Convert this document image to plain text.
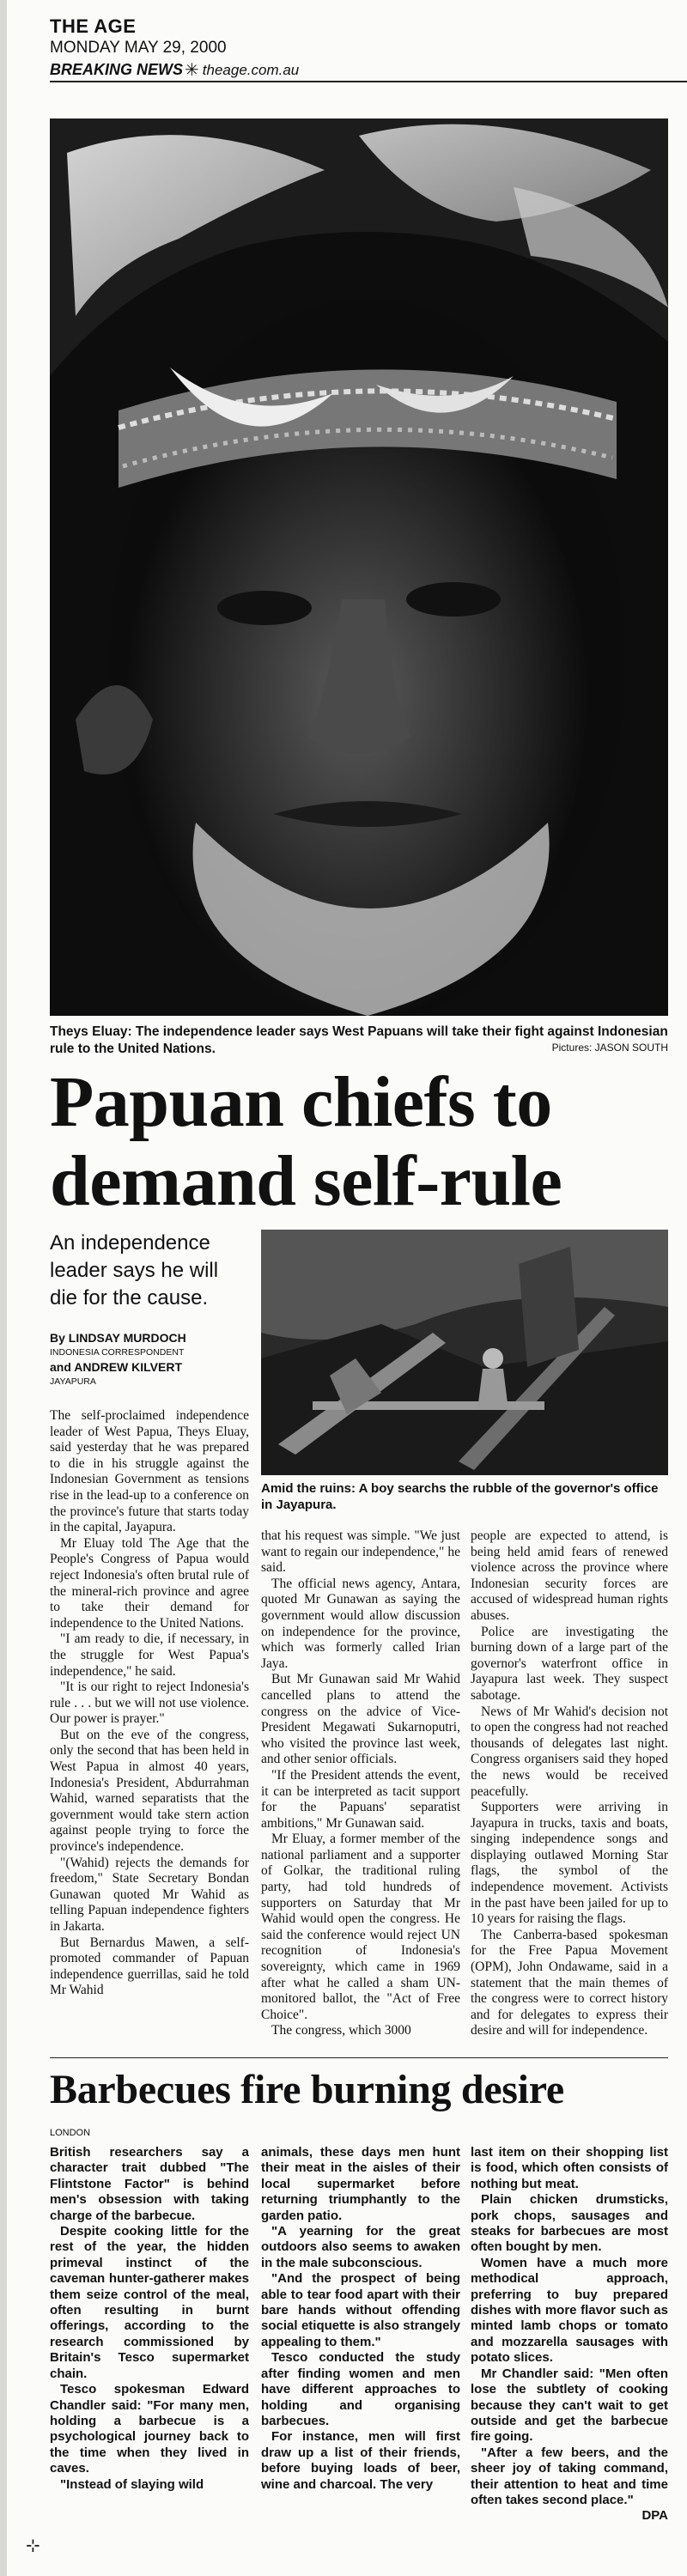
THE AGE
MONDAY MAY 29, 2000
BREAKING NEWS ✳ theage.com.au
Theys Eluay: The independence leader says West Papuans will take their fight against Indonesian rule to the United Nations.	Pictures: JASON SOUTH
Papuan chiefs to
demand self-rule
An independence leader says he will die for the cause.
By LINDSAY MURDOCH
INDONESIA CORRESPONDENT
and ANDREW KILVERT
JAYAPURA
Amid the ruins: A boy searchs the rubble of the governor's office in Jayapura.

The self-proclaimed independence leader of West Papua, Theys Eluay, said yesterday that he was prepared to die in his struggle against the Indonesian Government as tensions rise in the lead-up to a conference on the province's future that starts today in the capital, Jayapura.

Mr Eluay told The Age that the People's Congress of Papua would reject Indonesia's often brutal rule of the mineral-rich province and agree to take their demand for independence to the United Nations.

"I am ready to die, if necessary, in the struggle for West Papua's independence," he said.

"It is our right to reject Indonesia's rule . . . but we will not use violence. Our power is prayer."

But on the eve of the congress, only the second that has been held in West Papua in almost 40 years, Indonesia's President, Abdurrahman Wahid, warned separatists that the government would take stern action against people trying to force the province's independence.

"(Wahid) rejects the demands for freedom," State Secretary Bondan Gunawan quoted Mr Wahid as telling Papuan independence fighters in Jakarta.

But Bernardus Mawen, a self-promoted commander of Papuan independence guerrillas, said he told Mr Wahid

that his request was simple. "We just want to regain our independence," he said.

The official news agency, Antara, quoted Mr Gunawan as saying the government would allow discussion on independence for the province, which was formerly called Irian Jaya.

But Mr Gunawan said Mr Wahid cancelled plans to attend the congress on the advice of Vice-President Megawati Sukarnoputri, who visited the province last week, and other senior officials.

"If the President attends the event, it can be interpreted as tacit support for the Papuans' separatist ambitions," Mr Gunawan said.

Mr Eluay, a former member of the national parliament and a supporter of Golkar, the traditional ruling party, had told hundreds of supporters on Saturday that Mr Wahid would open the congress. He said the conference would reject UN recognition of Indonesia's sovereignty, which came in 1969 after what he called a sham UN-monitored ballot, the "Act of Free Choice".

The congress, which 3000

people are expected to attend, is being held amid fears of renewed violence across the province where Indonesian security forces are accused of widespread human rights abuses.

Police are investigating the burning down of a large part of the governor's waterfront office in Jayapura last week. They suspect sabotage.

News of Mr Wahid's decision not to open the congress had not reached thousands of delegates last night. Congress organisers said they hoped the news would be received peacefully.

Supporters were arriving in Jayapura in trucks, taxis and boats, singing independence songs and displaying outlawed Morning Star flags, the symbol of the independence movement. Activists in the past have been jailed for up to 10 years for raising the flags.

The Canberra-based spokesman for the Free Papua Movement (OPM), John Ondawame, said in a statement that the main themes of the congress were to correct history and for delegates to express their desire and will for independence.

Barbecues fire burning desire
LONDON

British researchers say a character trait dubbed "The Flintstone Factor" is behind men's obsession with taking charge of the barbecue.

Despite cooking little for the rest of the year, the hidden primeval instinct of the caveman hunter-gatherer makes them seize control of the meal, often resulting in burnt offerings, according to the research commissioned by Britain's Tesco supermarket chain.

Tesco spokesman Edward Chandler said: "For many men, holding a barbecue is a psychological journey back to the time when they lived in caves.

"Instead of slaying wild

animals, these days men hunt their meat in the aisles of their local supermarket before returning triumphantly to the garden patio.

"A yearning for the great outdoors also seems to awaken in the male subconscious.

"And the prospect of being able to tear food apart with their bare hands without offending social etiquette is also strangely appealing to them."

Tesco conducted the study after finding women and men have different approaches to holding and organising barbecues.

For instance, men will first draw up a list of their friends, before buying loads of beer, wine and charcoal. The very

last item on their shopping list is food, which often consists of nothing but meat.

Plain chicken drumsticks, pork chops, sausages and steaks for barbecues are most often bought by men.

Women have a much more methodical approach, preferring to buy prepared dishes with more flavor such as minted lamb chops or tomato and mozzarella sausages with potato slices.

Mr Chandler said: "Men often lose the subtlety of cooking because they can't wait to get outside and get the barbecue fire going.

"After a few beers, and the sheer joy of taking command, their attention to heat and time often takes second place."

DPA
⊹
